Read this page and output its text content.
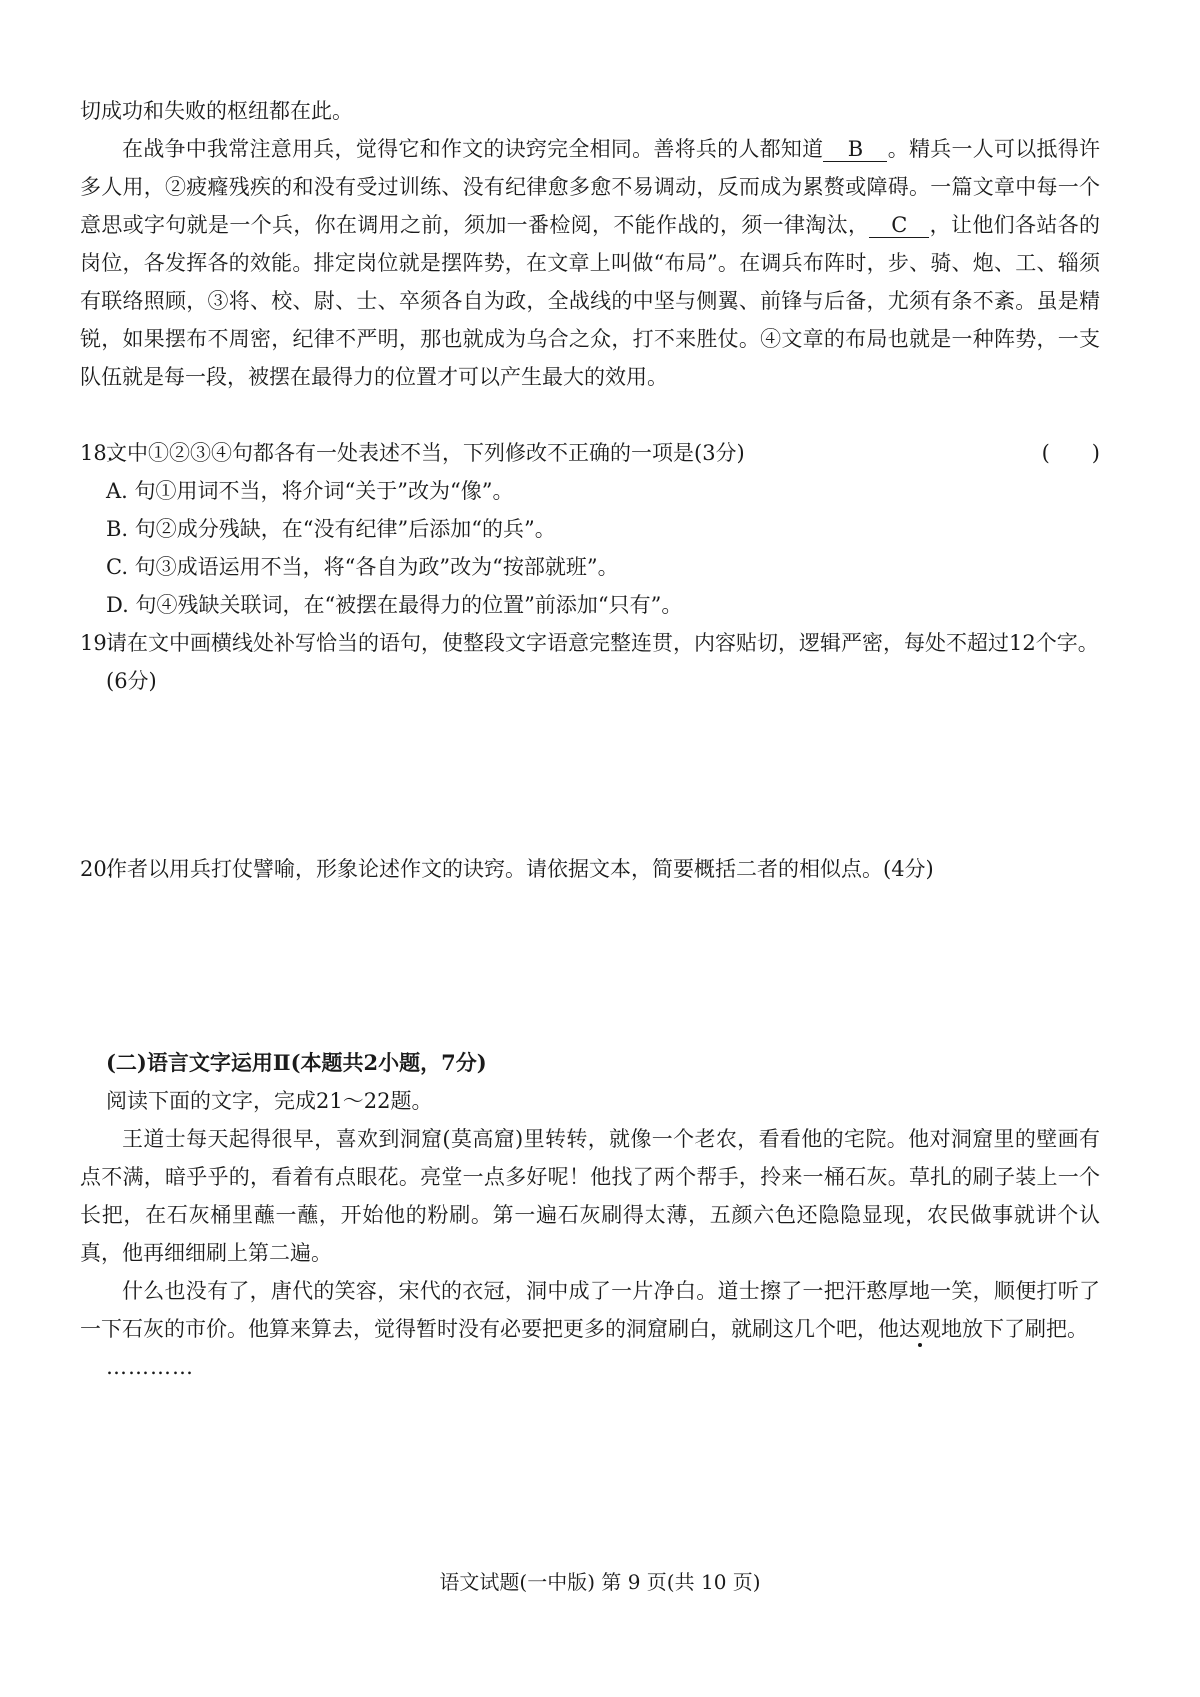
切成功和失败的枢纽都在此。

在战争中我常注意用兵，觉得它和作文的诀窍完全相同。善将兵的人都知道 B 。精兵一人可以抵得许多人用，②疲癃残疾的和没有受过训练、没有纪律愈多愈不易调动，反而成为累赘或障碍。一篇文章中每一个意思或字句就是一个兵，你在调用之前，须加一番检阅，不能作战的，须一律淘汰， C ，让他们各站各的岗位，各发挥各的效能。排定岗位就是摆阵势，在文章上叫做“布局”。在调兵布阵时，步、骑、炮、工、辎须有联络照顾，③将、校、尉、士、卒须各自为政，全战线的中坚与侧翼、前锋与后备，尤须有条不紊。虽是精锐，如果摆布不周密，纪律不严明，那也就成为乌合之众，打不来胜仗。④文章的布局也就是一种阵势，一支队伍就是每一段，被摆在最得力的位置才可以产生最大的效用。

18.
文中①②③④句都各有一处表述不当，下列修改不正确的一项是(3分)	(　　)

A. 句①用词不当，将介词“关于”改为“像”。

B. 句②成分残缺，在“没有纪律”后添加“的兵”。

C. 句③成语运用不当，将“各自为政”改为“按部就班”。

D. 句④残缺关联词，在“被摆在最得力的位置”前添加“只有”。

19.
请在文中画横线处补写恰当的语句，使整段文字语意完整连贯，内容贴切，逻辑严密，每处不超过12个字。(6分)
20.
作者以用兵打仗譬喻，形象论述作文的诀窍。请依据文本，简要概括二者的相似点。(4分)

(二)语言文字运用Ⅱ(本题共2小题，7分)

阅读下面的文字，完成21～22题。

王道士每天起得很早，喜欢到洞窟(莫高窟)里转转，就像一个老农，看看他的宅院。他对洞窟里的壁画有点不满，暗乎乎的，看着有点眼花。亮堂一点多好呢！他找了两个帮手，拎来一桶石灰。草扎的刷子装上一个长把，在石灰桶里蘸一蘸，开始他的粉刷。第一遍石灰刷得太薄，五颜六色还隐隐显现，农民做事就讲个认真，他再细细刷上第二遍。

什么也没有了，唐代的笑容，宋代的衣冠，洞中成了一片净白。道士擦了一把汗憨厚地一笑，顺便打听了一下石灰的市价。他算来算去，觉得暂时没有必要把更多的洞窟刷白，就刷这几个吧，他达观地放下了刷把。

…………

语文试题(一中版) 第 9 页(共 10 页)
